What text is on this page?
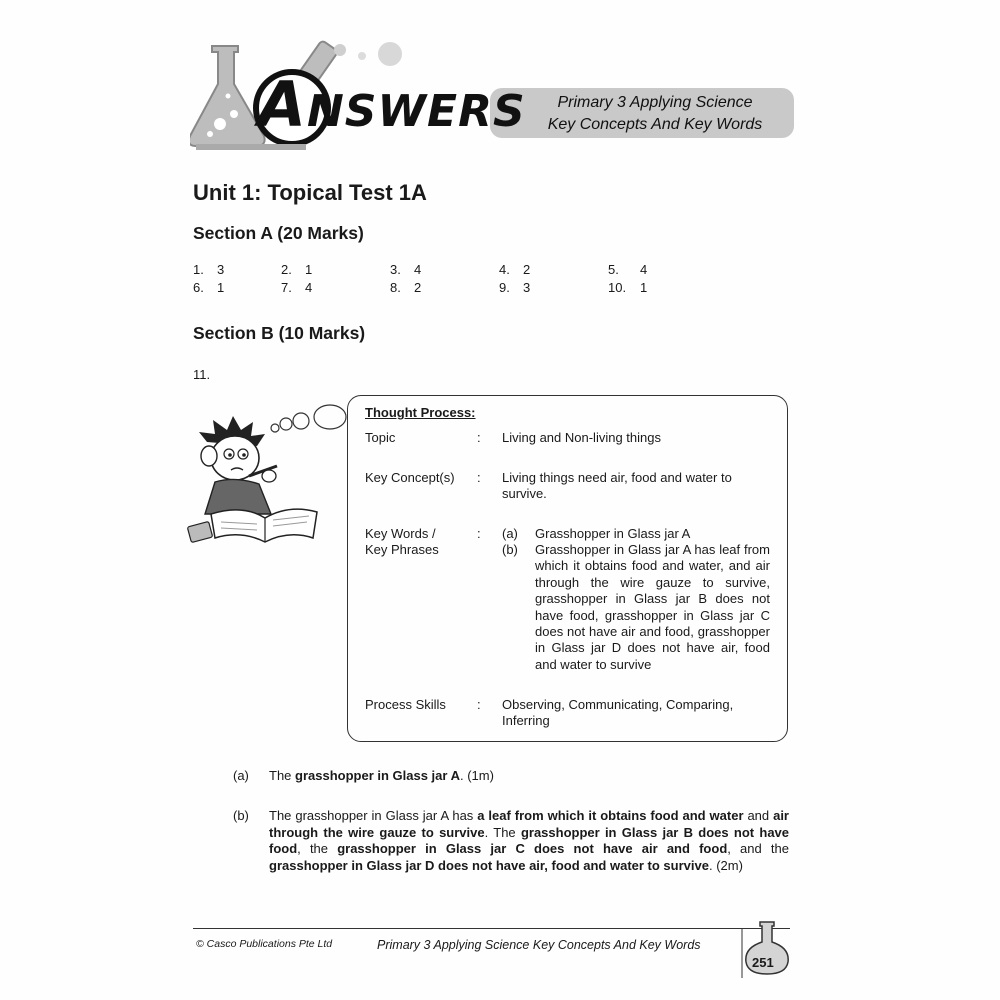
ANSWERS	Primary 3 Applying Science
Key Concepts And Key Words
Unit 1: Topical Test 1A
Section A (20 Marks)
1. 3	2. 1	3. 4	4. 2	5. 4
6. 1	7. 4	8. 2	9. 3	10. 1
Section B (10 Marks)
11.
Thought Process:
Topic	: Living and Non-living things
Key Concept(s) : Living things need air, food and water to survive.
Key Words /
Key Phrases
: (a) Grasshopper in Glass jar A
(b) Grasshopper in Glass jar A has leaf from which it obtains food and water, and air through the wire gauze to survive, grasshopper in Glass jar B does not have food, grasshopper in Glass jar C does not have air and food, grasshopper in Glass jar D does not have air, food and water to survive
Process Skills : Observing, Communicating, Comparing, Inferring
(a) The grasshopper in Glass jar A. (1m)
(b) The grasshopper in Glass jar A has a leaf from which it obtains food and water and air through the wire gauze to survive. The grasshopper in Glass jar B does not have food, the grasshopper in Glass jar C does not have air and food, and the grasshopper in Glass jar D does not have air, food and water to survive. (2m)
© Casco Publications Pte Ltd	Primary 3 Applying Science Key Concepts And Key Words
251
